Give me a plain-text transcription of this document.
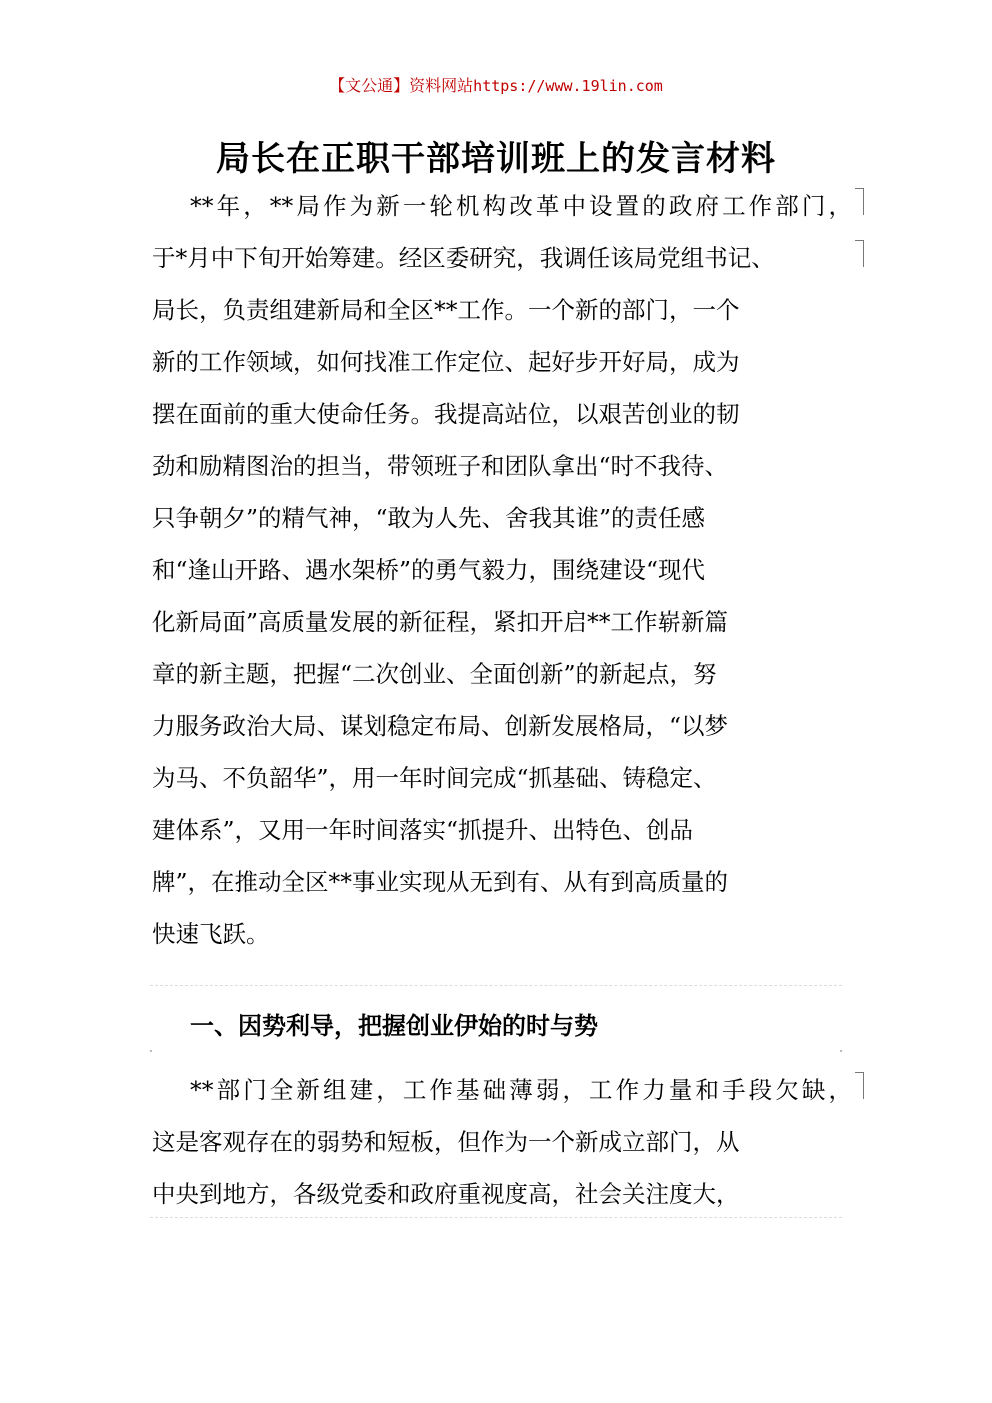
【文公通】资料网站https://www.19lin.com
局长在正职干部培训班上的发言材料
**年，**局作为新一轮机构改革中设置的政府工作部门，
于*月中下旬开始筹建。经区委研究，我调任该局党组书记、
局长，负责组建新局和全区**工作。一个新的部门，一个
新的工作领域，如何找准工作定位、起好步开好局，成为
摆在面前的重大使命任务。我提高站位，以艰苦创业的韧
劲和励精图治的担当，带领班子和团队拿出“时不我待、
只争朝夕”的精气神，“敢为人先、舍我其谁”的责任感
和“逢山开路、遇水架桥”的勇气毅力，围绕建设“现代
化新局面”高质量发展的新征程，紧扣开启**工作崭新篇
章的新主题，把握“二次创业、全面创新”的新起点，努
力服务政治大局、谋划稳定布局、创新发展格局，“以梦
为马、不负韶华”，用一年时间完成“抓基础、铸稳定、
建体系”，又用一年时间落实“抓提升、出特色、创品
牌”，在推动全区**事业实现从无到有、从有到高质量的
快速飞跃。
一、因势利导，把握创业伊始的时与势
**部门全新组建，工作基础薄弱，工作力量和手段欠缺，
这是客观存在的弱势和短板，但作为一个新成立部门，从
中央到地方，各级党委和政府重视度高，社会关注度大，
